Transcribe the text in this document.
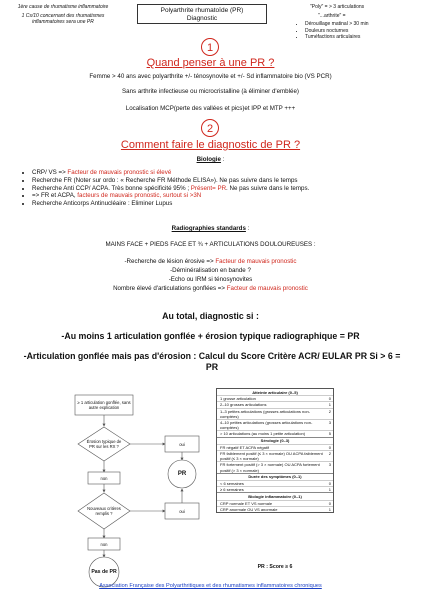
1ère cause de rhumatisme inflammatoire
1 Cs/10 concernant des rhumatismes inflammatoires sera une PR
Polyarthrite rhumatoïde (PR)
Diagnostic
"Poly" = > 3 articulations
"...arthrite" =
• Dérouillage matinal > 30 min
• Douleurs nocturnes
• Tuméfactions articulaires
1
Quand penser à une PR ?
Femme > 40 ans avec polyarthrite +/- ténosynovite et +/- Sd inflammatoire bio (VS PCR)
Sans arthrite infectieuse ou microcristalline (à éliminer d'emblée)
Localisation MCP(perte des vallées et pics)et IPP et MTP +++
2
Comment faire le diagnostic de PR ?
Biologie :
• CRP/ VS => Facteur de mauvais pronostic si élevé
• Recherche FR (Noter sur ordo : « Recherche FR Méthode ELISA»). Ne pas suivre dans le temps
• Recherche Anti CCP/ ACPA. Très bonne spécificité 95% ; Présent= PR. Ne pas suivre dans le temps.
• => FR et ACPA, facteurs de mauvais pronostic, surtout si >3N
• Recherche Anticorps Antinucléaire : Eliminer Lupus
Radiographies standards :
MAINS FACE + PIEDS FACE ET ¾ + ARTICULATIONS DOULOUREUSES :
-Recherche de lésion érosive => Facteur de mauvais pronostic
-Déminéralisation en bande ?
-Echo ou IRM si ténosynovites
Nombre élevé d'articulations gonflées => Facteur de mauvais pronostic
Au total, diagnostic si :
-Au moins 1 articulation gonflée + érosion typique radiographique = PR
-Articulation gonflée mais pas d'érosion : Calcul du Score Critère ACR/ EULAR PR Si > 6 = PR
≥ 1 articulation gonflée, sans autre explication
Érosion typique de PR sur les RX ?	oui
PR
non
Nouveaux critères remplis ?	oui
non
Pas de PR
Atteinte articulaire (0–5)
1 grosse articulation	0
2–10 grosses articulations	1
1–3 petites articulations (grosses articulations non-comptées)
2
4–10 petites articulations (grosses articulations non-comptées)
3
> 10 articulations (au moins 1 petite articulation)	5
Sérologie (0–3)
FR négatif ET ACPA négatif	0
FR faiblement positif (≤ 3 × normale) OU ACPA faiblement positif (≤ 3 × normale)
2
FR fortement positif (> 3 × normale) OU ACPA fortement positif (> 3 × normale)
3
Durée des symptômes (0–1)
< 6 semaines	0
≥ 6 semaines	1
Biologie inflammatoire (0–1)
CRP normale ET VS normale	0
CRP anormale OU VS anormale	1
PR : Score ≥ 6
Association Française des Polyarthritiques et des rhumatismes inflammatoires chroniques
